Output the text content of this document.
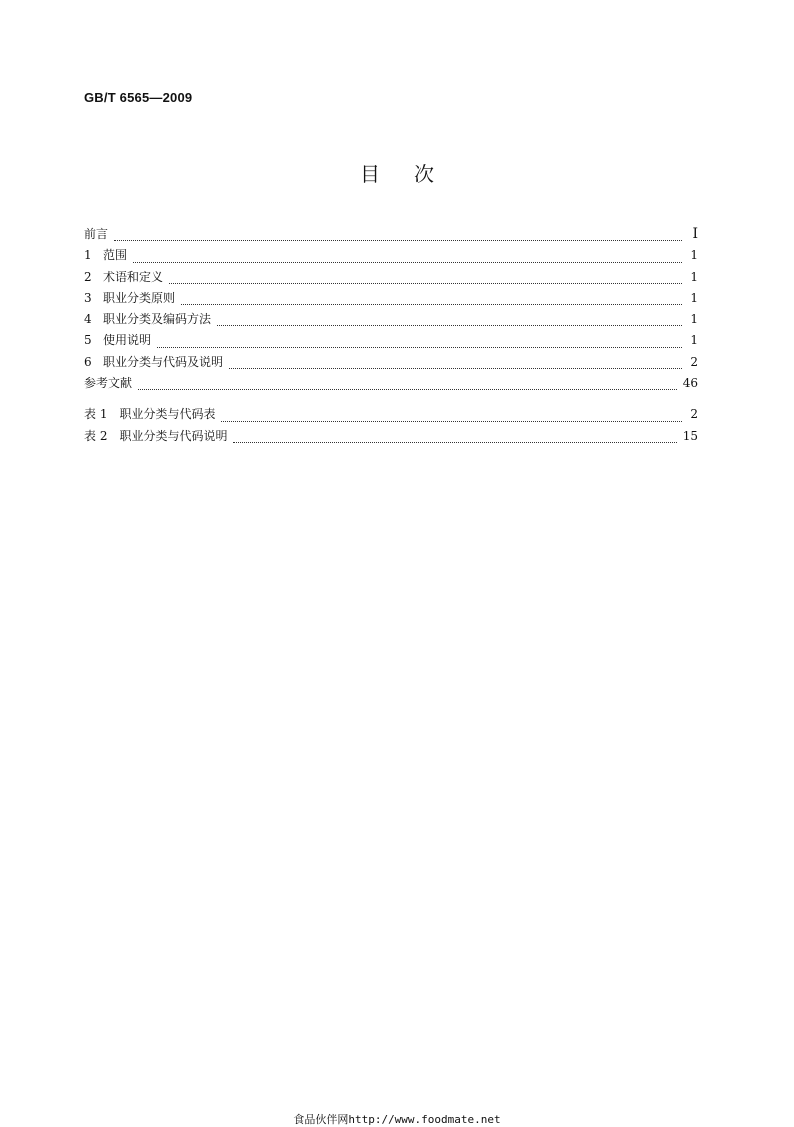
GB/T 6565—2009
目次
前言	Ⅰ
1 范围	1
2 术语和定义	1
3 职业分类原则	1
4 职业分类及编码方法	1
5 使用说明	1
6 职业分类与代码及说明	2
参考文献	46
表 1　职业分类与代码表	2
表 2　职业分类与代码说明	15
食品伙伴网http://www.foodmate.net
